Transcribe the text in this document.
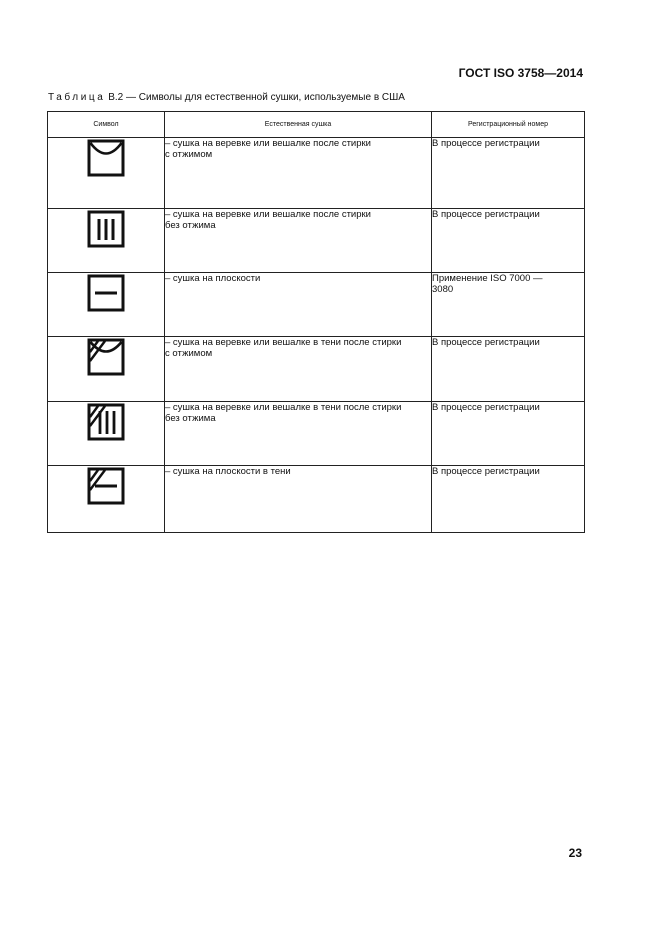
ГОСТ ISO 3758—2014
Таблица В.2 — Символы для естественной сушки, используемые в США
Символ	Естественная сушка	Регистрационный номер

	– сушка на веревке или вешалке после стирки
с отжимом	В процессе регистрации

	– сушка на веревке или вешалке после стирки
без отжима	В процессе регистрации

	– сушка на плоскости	Применение ISO 7000 —
3080

	– сушка на веревке или вешалке в тени после стирки
с отжимом	В процессе регистрации

	– сушка на веревке или вешалке в тени после стирки
без отжима	В процессе регистрации

	– сушка на плоскости в тени	В процессе регистрации
23
